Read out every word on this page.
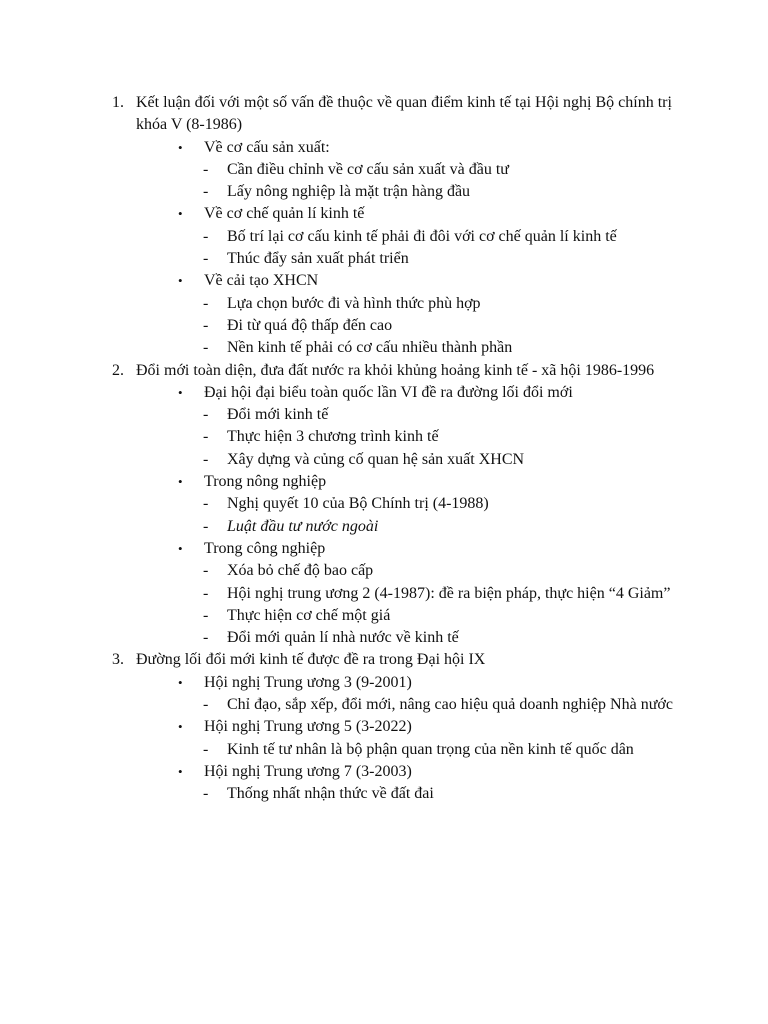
1. Kết luận đối với một số vấn đề thuộc về quan điểm kinh tế tại Hội nghị Bộ chính trị khóa V (8-1986)
• Về cơ cấu sản xuất:
- Cần điều chỉnh về cơ cấu sản xuất và đầu tư
- Lấy nông nghiệp là mặt trận hàng đầu
• Về cơ chế quản lí kinh tế
- Bố trí lại cơ cấu kinh tế phải đi đôi với cơ chế quản lí kinh tế
- Thúc đẩy sản xuất phát triển
• Về cải tạo XHCN
- Lựa chọn bước đi và hình thức phù hợp
- Đi từ quá độ thấp đến cao
- Nền kinh tế phải có cơ cấu nhiều thành phần
2. Đổi mới toàn diện, đưa đất nước ra khỏi khủng hoảng kinh tế - xã hội 1986-1996
• Đại hội đại biểu toàn quốc lần VI đề ra đường lối đổi mới
- Đổi mới kinh tế
- Thực hiện 3 chương trình kinh tế
- Xây dựng và củng cố quan hệ sản xuất XHCN
• Trong nông nghiệp
- Nghị quyết 10 của Bộ Chính trị (4-1988)
- Luật đầu tư nước ngoài
• Trong công nghiệp
- Xóa bỏ chế độ bao cấp
- Hội nghị trung ương 2 (4-1987): đề ra biện pháp, thực hiện “4 Giảm”
- Thực hiện cơ chế một giá
- Đổi mới quản lí nhà nước về kinh tế
3. Đường lối đổi mới kinh tế được đề ra trong Đại hội IX
• Hội nghị Trung ương 3 (9-2001)
- Chỉ đạo, sắp xếp, đổi mới, nâng cao hiệu quả doanh nghiệp Nhà nước
• Hội nghị Trung ương 5 (3-2022)
- Kinh tế tư nhân là bộ phận quan trọng của nền kinh tế quốc dân
• Hội nghị Trung ương 7 (3-2003)
- Thống nhất nhận thức về đất đai
